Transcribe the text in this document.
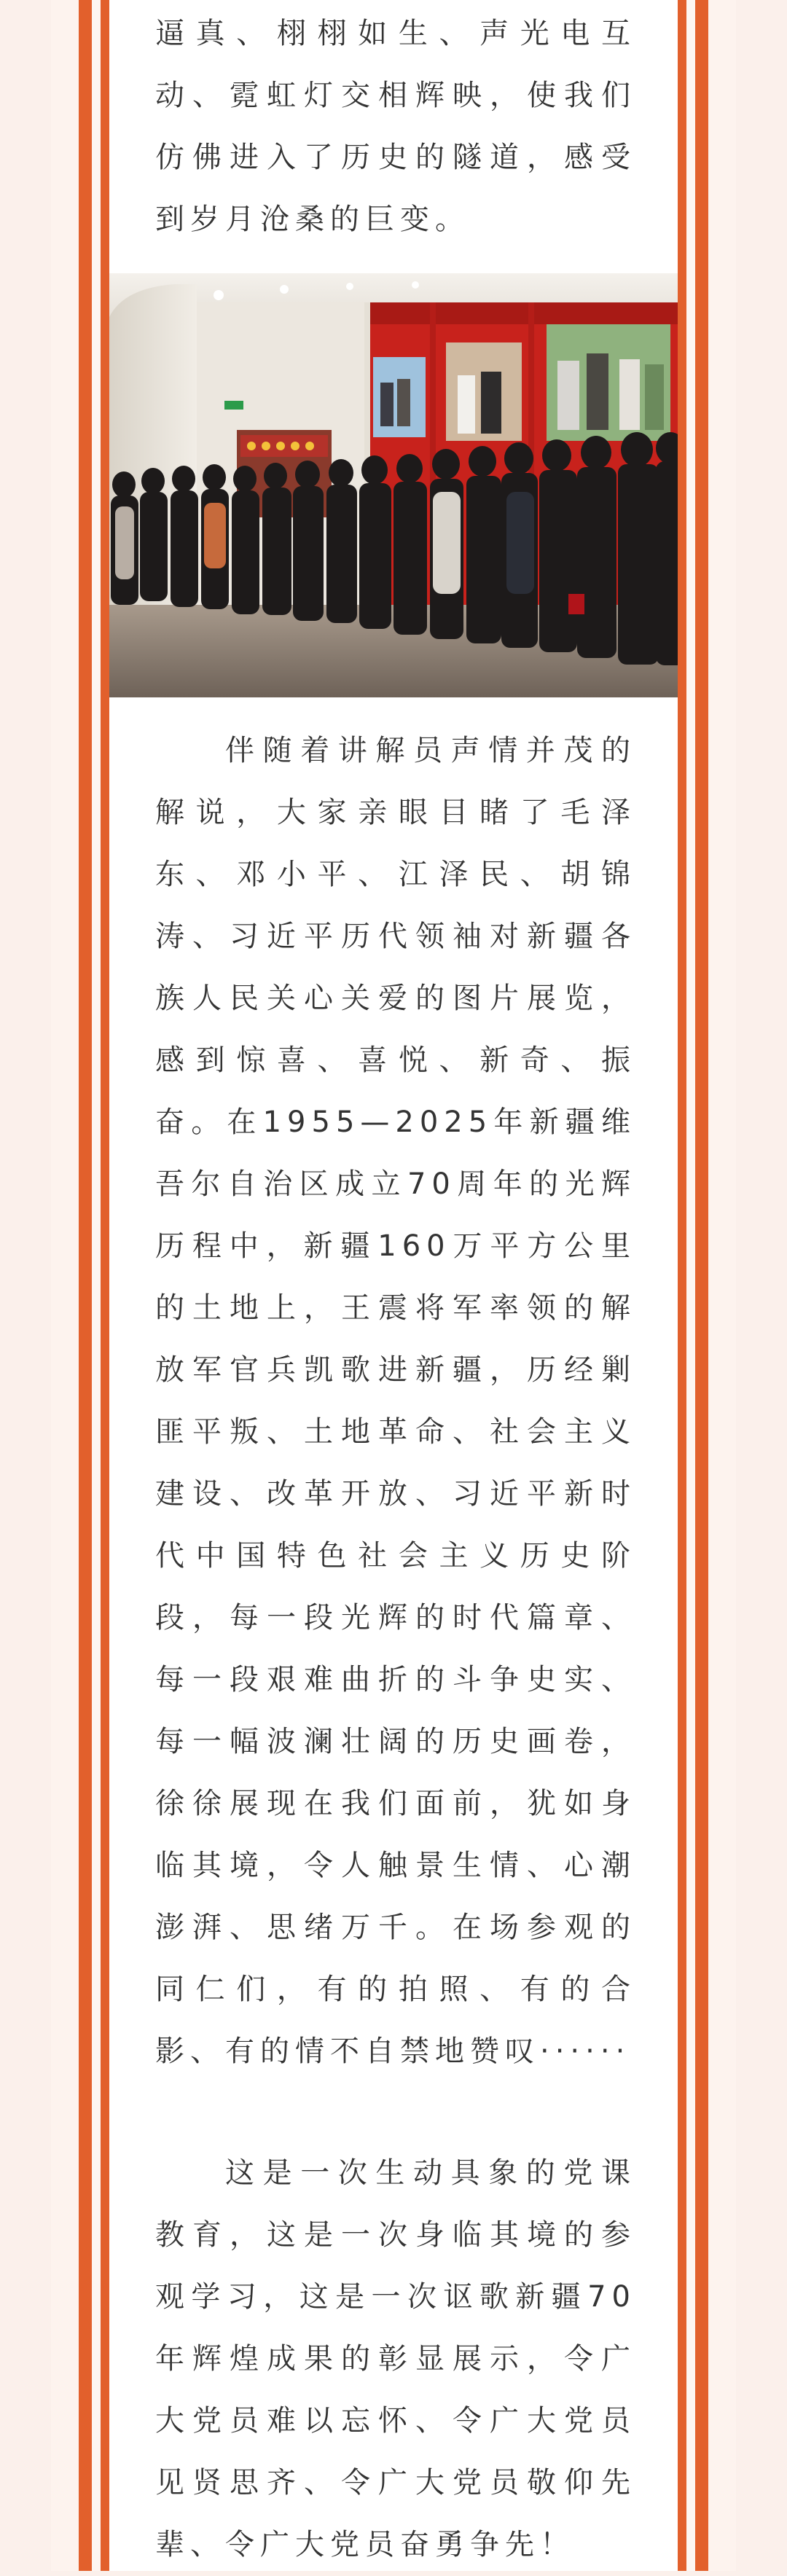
逼真、栩栩如生、声光电互动、霓虹灯交相辉映，使我们仿佛进入了历史的隧道，感受到岁月沧桑的巨变。

伴随着讲解员声情并茂的解说，大家亲眼目睹了毛泽东、邓小平、江泽民、胡锦涛、习近平历代领袖对新疆各族人民关心关爱的图片展览，感到惊喜、喜悦、新奇、振奋。在1955—2025年新疆维吾尔自治区成立70周年的光辉历程中，新疆160万平方公里的土地上，王震将军率领的解放军官兵凯歌进新疆，历经剿匪平叛、土地革命、社会主义建设、改革开放、习近平新时代中国特色社会主义历史阶段，每一段光辉的时代篇章、每一段艰难曲折的斗争史实、每一幅波澜壮阔的历史画卷，徐徐展现在我们面前，犹如身临其境，令人触景生情、心潮澎湃、思绪万千。在场参观的同仁们，有的拍照、有的合影、有的情不自禁地赞叹······

这是一次生动具象的党课教育，这是一次身临其境的参观学习，这是一次讴歌新疆70年辉煌成果的彰显展示，令广大党员难以忘怀、令广大党员见贤思齐、令广大党员敬仰先辈、令广大党员奋勇争先！
